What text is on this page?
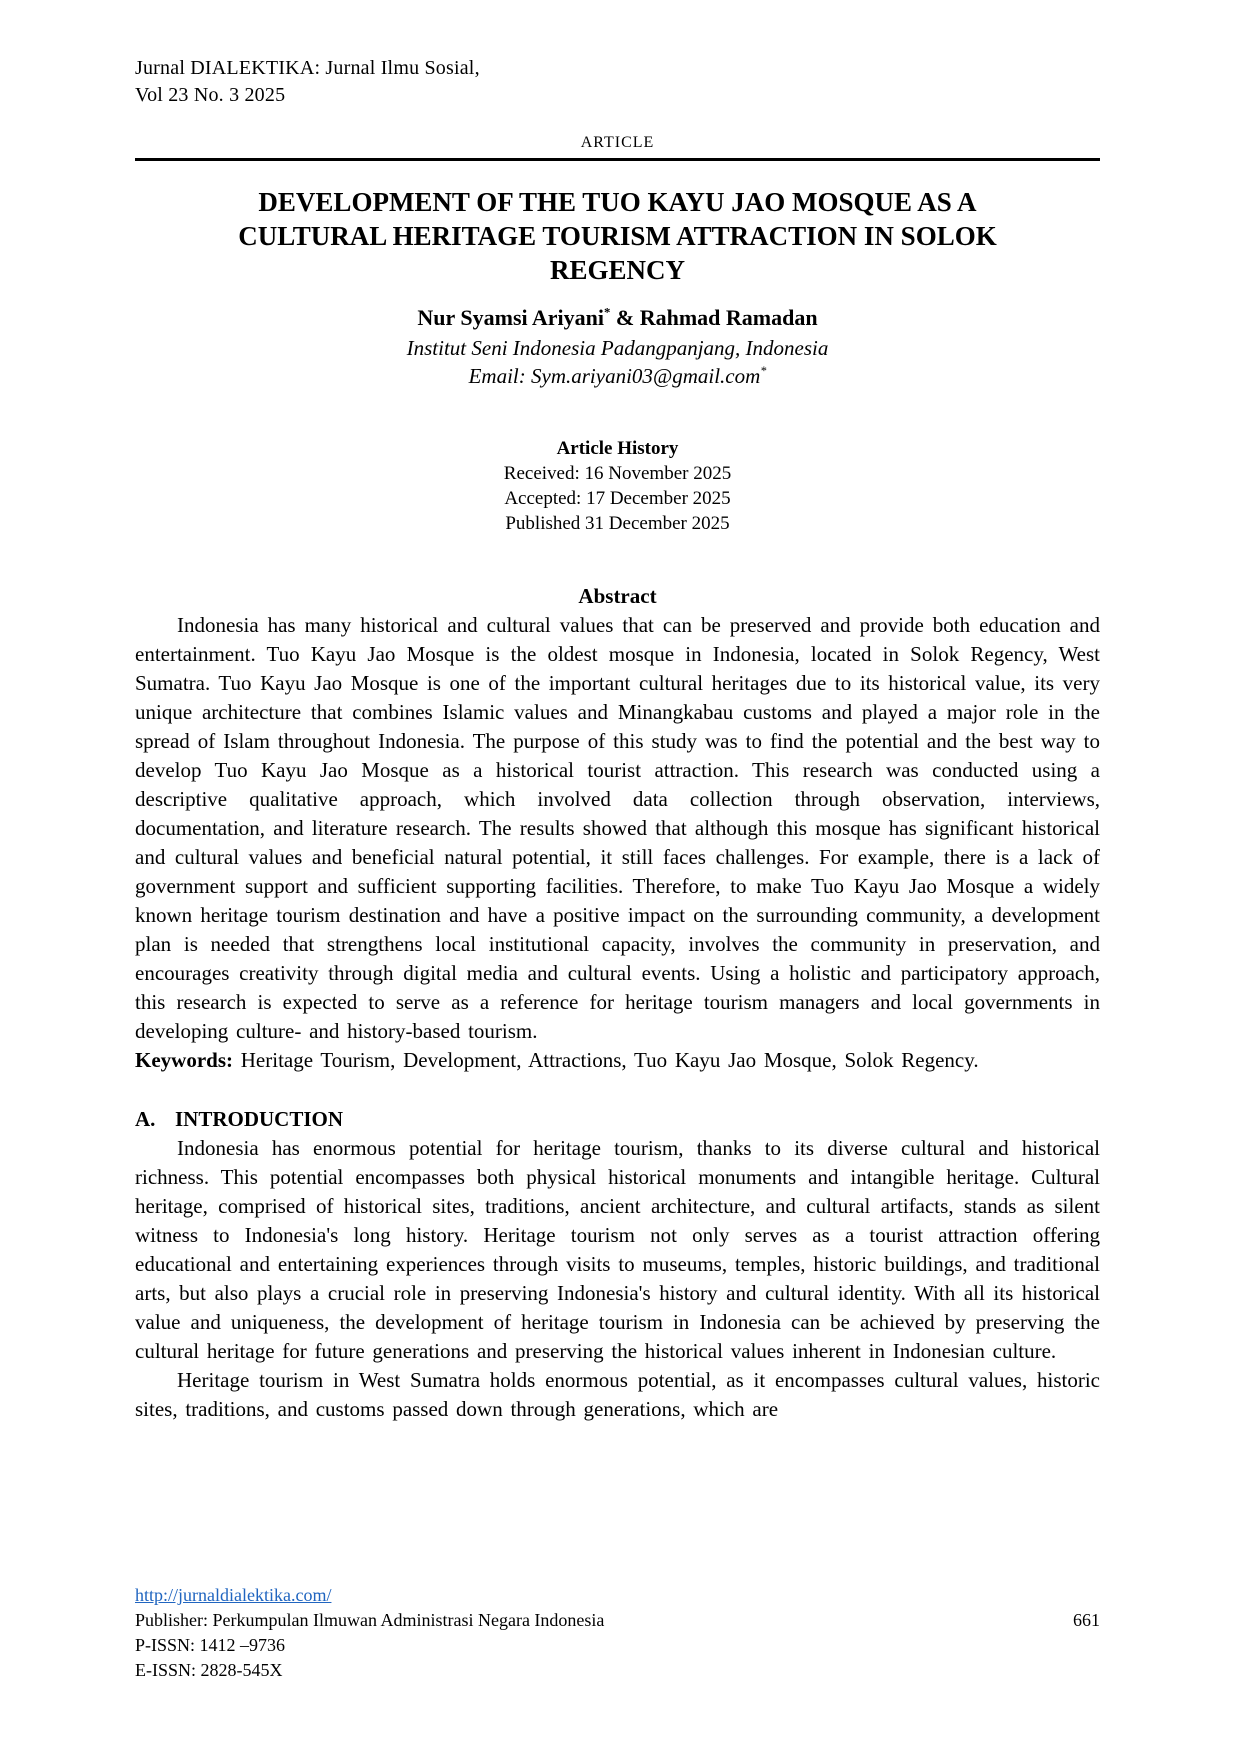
Jurnal DIALEKTIKA: Jurnal Ilmu Sosial,
Vol 23 No. 3 2025
ARTICLE
DEVELOPMENT OF THE TUO KAYU JAO MOSQUE AS A CULTURAL HERITAGE TOURISM ATTRACTION IN SOLOK REGENCY
Nur Syamsi Ariyani* & Rahmad Ramadan
Institut Seni Indonesia Padangpanjang, Indonesia
Email: Sym.ariyani03@gmail.com*
Article History
Received: 16 November 2025
Accepted: 17 December 2025
Published 31 December 2025
Abstract

Indonesia has many historical and cultural values that can be preserved and provide both education and entertainment. Tuo Kayu Jao Mosque is the oldest mosque in Indonesia, located in Solok Regency, West Sumatra. Tuo Kayu Jao Mosque is one of the important cultural heritages due to its historical value, its very unique architecture that combines Islamic values and Minangkabau customs and played a major role in the spread of Islam throughout Indonesia. The purpose of this study was to find the potential and the best way to develop Tuo Kayu Jao Mosque as a historical tourist attraction. This research was conducted using a descriptive qualitative approach, which involved data collection through observation, interviews, documentation, and literature research. The results showed that although this mosque has significant historical and cultural values and beneficial natural potential, it still faces challenges. For example, there is a lack of government support and sufficient supporting facilities. Therefore, to make Tuo Kayu Jao Mosque a widely known heritage tourism destination and have a positive impact on the surrounding community, a development plan is needed that strengthens local institutional capacity, involves the community in preservation, and encourages creativity through digital media and cultural events. Using a holistic and participatory approach, this research is expected to serve as a reference for heritage tourism managers and local governments in developing culture- and history-based tourism.

Keywords: Heritage Tourism, Development, Attractions, Tuo Kayu Jao Mosque, Solok Regency.

A. INTRODUCTION

Indonesia has enormous potential for heritage tourism, thanks to its diverse cultural and historical richness. This potential encompasses both physical historical monuments and intangible heritage. Cultural heritage, comprised of historical sites, traditions, ancient architecture, and cultural artifacts, stands as silent witness to Indonesia's long history. Heritage tourism not only serves as a tourist attraction offering educational and entertaining experiences through visits to museums, temples, historic buildings, and traditional arts, but also plays a crucial role in preserving Indonesia's history and cultural identity. With all its historical value and uniqueness, the development of heritage tourism in Indonesia can be achieved by preserving the cultural heritage for future generations and preserving the historical values inherent in Indonesian culture.

Heritage tourism in West Sumatra holds enormous potential, as it encompasses cultural values, historic sites, traditions, and customs passed down through generations, which are

http://jurnaldialektika.com/
Publisher: Perkumpulan Ilmuwan Administrasi Negara Indonesia	661
P-ISSN: 1412 –9736
E-ISSN: 2828-545X
